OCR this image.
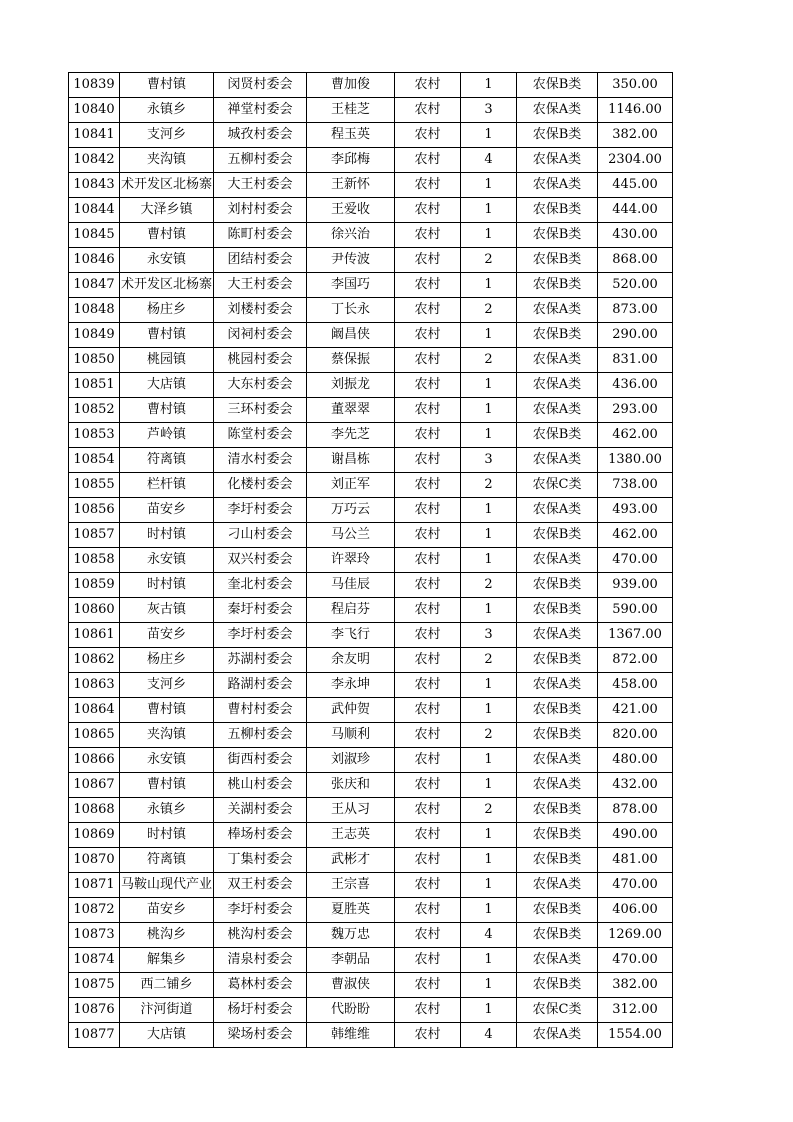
10839	曹村镇	闵贤村委会	曹加俊	农村	1	农保B类	350.00
10840	永镇乡	禅堂村委会	王桂芝	农村	3	农保A类	1146.00
10841	支河乡	城孜村委会	程玉英	农村	1	农保B类	382.00
10842	夹沟镇	五柳村委会	李邱梅	农村	4	农保A类	2304.00
10843	术开发区北杨寨	大王村委会	王新怀	农村	1	农保A类	445.00
10844	大泽乡镇	刘村村委会	王爱收	农村	1	农保B类	444.00
10845	曹村镇	陈町村委会	徐兴治	农村	1	农保B类	430.00
10846	永安镇	团结村委会	尹传波	农村	2	农保B类	868.00
10847	术开发区北杨寨	大王村委会	李国巧	农村	1	农保B类	520.00
10848	杨庄乡	刘楼村委会	丁长永	农村	2	农保A类	873.00
10849	曹村镇	闵祠村委会	阚昌侠	农村	1	农保B类	290.00
10850	桃园镇	桃园村委会	蔡保振	农村	2	农保A类	831.00
10851	大店镇	大东村委会	刘振龙	农村	1	农保A类	436.00
10852	曹村镇	三环村委会	董翠翠	农村	1	农保A类	293.00
10853	芦岭镇	陈堂村委会	李先芝	农村	1	农保B类	462.00
10854	符离镇	清水村委会	谢昌栋	农村	3	农保A类	1380.00
10855	栏杆镇	化楼村委会	刘正军	农村	2	农保C类	738.00
10856	苗安乡	李圩村委会	万巧云	农村	1	农保A类	493.00
10857	时村镇	刁山村委会	马公兰	农村	1	农保B类	462.00
10858	永安镇	双兴村委会	许翠玲	农村	1	农保A类	470.00
10859	时村镇	奎北村委会	马佳辰	农村	2	农保B类	939.00
10860	灰古镇	秦圩村委会	程启芬	农村	1	农保B类	590.00
10861	苗安乡	李圩村委会	李飞行	农村	3	农保A类	1367.00
10862	杨庄乡	苏湖村委会	余友明	农村	2	农保B类	872.00
10863	支河乡	路湖村委会	李永坤	农村	1	农保A类	458.00
10864	曹村镇	曹村村委会	武仲贺	农村	1	农保B类	421.00
10865	夹沟镇	五柳村委会	马顺利	农村	2	农保B类	820.00
10866	永安镇	街西村委会	刘淑珍	农村	1	农保A类	480.00
10867	曹村镇	桃山村委会	张庆和	农村	1	农保A类	432.00
10868	永镇乡	关湖村委会	王从习	农村	2	农保B类	878.00
10869	时村镇	棒场村委会	王志英	农村	1	农保B类	490.00
10870	符离镇	丁集村委会	武彬才	农村	1	农保B类	481.00
10871	马鞍山现代产业	双王村委会	王宗喜	农村	1	农保A类	470.00
10872	苗安乡	李圩村委会	夏胜英	农村	1	农保B类	406.00
10873	桃沟乡	桃沟村委会	魏万忠	农村	4	农保B类	1269.00
10874	解集乡	清泉村委会	李朝品	农村	1	农保A类	470.00
10875	西二铺乡	葛林村委会	曹淑侠	农村	1	农保B类	382.00
10876	汴河街道	杨圩村委会	代盼盼	农村	1	农保C类	312.00
10877	大店镇	梁场村委会	韩维维	农村	4	农保A类	1554.00
